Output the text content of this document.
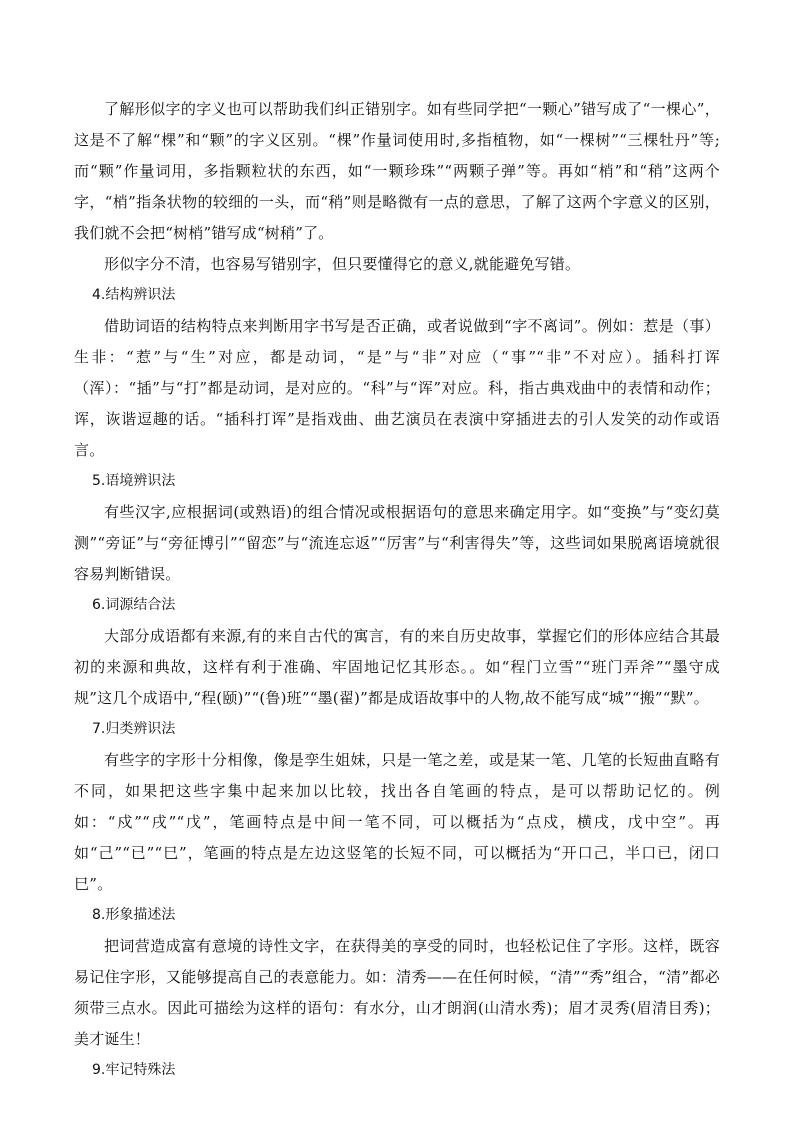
了解形似字的字义也可以帮助我们纠正错别字。如有些同学把“一颗心”错写成了“一棵心”，这是不了解“棵”和“颗”的字义区别。“棵”作量词使用时,多指植物，如“一棵树”“三棵牡丹”等;而“颗”作量词用，多指颗粒状的东西，如“一颗珍珠”“两颗子弹”等。再如“梢”和“稍”这两个字，“梢”指条状物的较细的一头，而“稍”则是略微有一点的意思，了解了这两个字意义的区别，我们就不会把“树梢”错写成“树稍”了。

形似字分不清，也容易写错别字，但只要懂得它的意义,就能避免写错。

4.结构辨识法

借助词语的结构特点来判断用字书写是否正确，或者说做到“字不离词”。例如：惹是（事）生非：“惹”与“生”对应，都是动词，“是”与“非”对应（“事”“非”不对应）。插科打诨（浑）：“插”与“打”都是动词，是对应的。“科”与“诨”对应。科，指古典戏曲中的表情和动作；诨，诙谐逗趣的话。“插科打诨”是指戏曲、曲艺演员在表演中穿插进去的引人发笑的动作或语言。

5.语境辨识法

有些汉字,应根据词(或熟语)的组合情况或根据语句的意思来确定用字。如“变换”与“变幻莫测”“旁证”与“旁征博引”“留恋”与“流连忘返”“厉害”与“利害得失”等，这些词如果脱离语境就很容易判断错误。

6.词源结合法

大部分成语都有来源,有的来自古代的寓言，有的来自历史故事，掌握它们的形体应结合其最初的来源和典故，这样有利于准确、牢固地记忆其形态。。如“程门立雪”“班门弄斧”“墨守成规”这几个成语中,“程(颐)”“(鲁)班”“墨(翟)”都是成语故事中的人物,故不能写成“城”“搬”“默”。

7.归类辨识法

有些字的字形十分相像，像是孪生姐妹，只是一笔之差，或是某一笔、几笔的长短曲直略有不同，如果把这些字集中起来加以比较，找出各自笔画的特点，是可以帮助记忆的。例如：“戍”“戌”“戊”，笔画特点是中间一笔不同，可以概括为“点戍，横戌，戊中空”。再如“己”“已”“巳”，笔画的特点是左边这竖笔的长短不同，可以概括为“开口己，半口已，闭口巳”。

8.形象描述法

把词营造成富有意境的诗性文字，在获得美的享受的同时，也轻松记住了字形。这样，既容易记住字形，又能够提高自己的表意能力。如：清秀——在任何时候，“清”“秀”组合，“清”都必须带三点水。因此可描绘为这样的语句：有水分，山才朗润(山清水秀)；眉才灵秀(眉清目秀)；美才诞生！

9.牢记特殊法
